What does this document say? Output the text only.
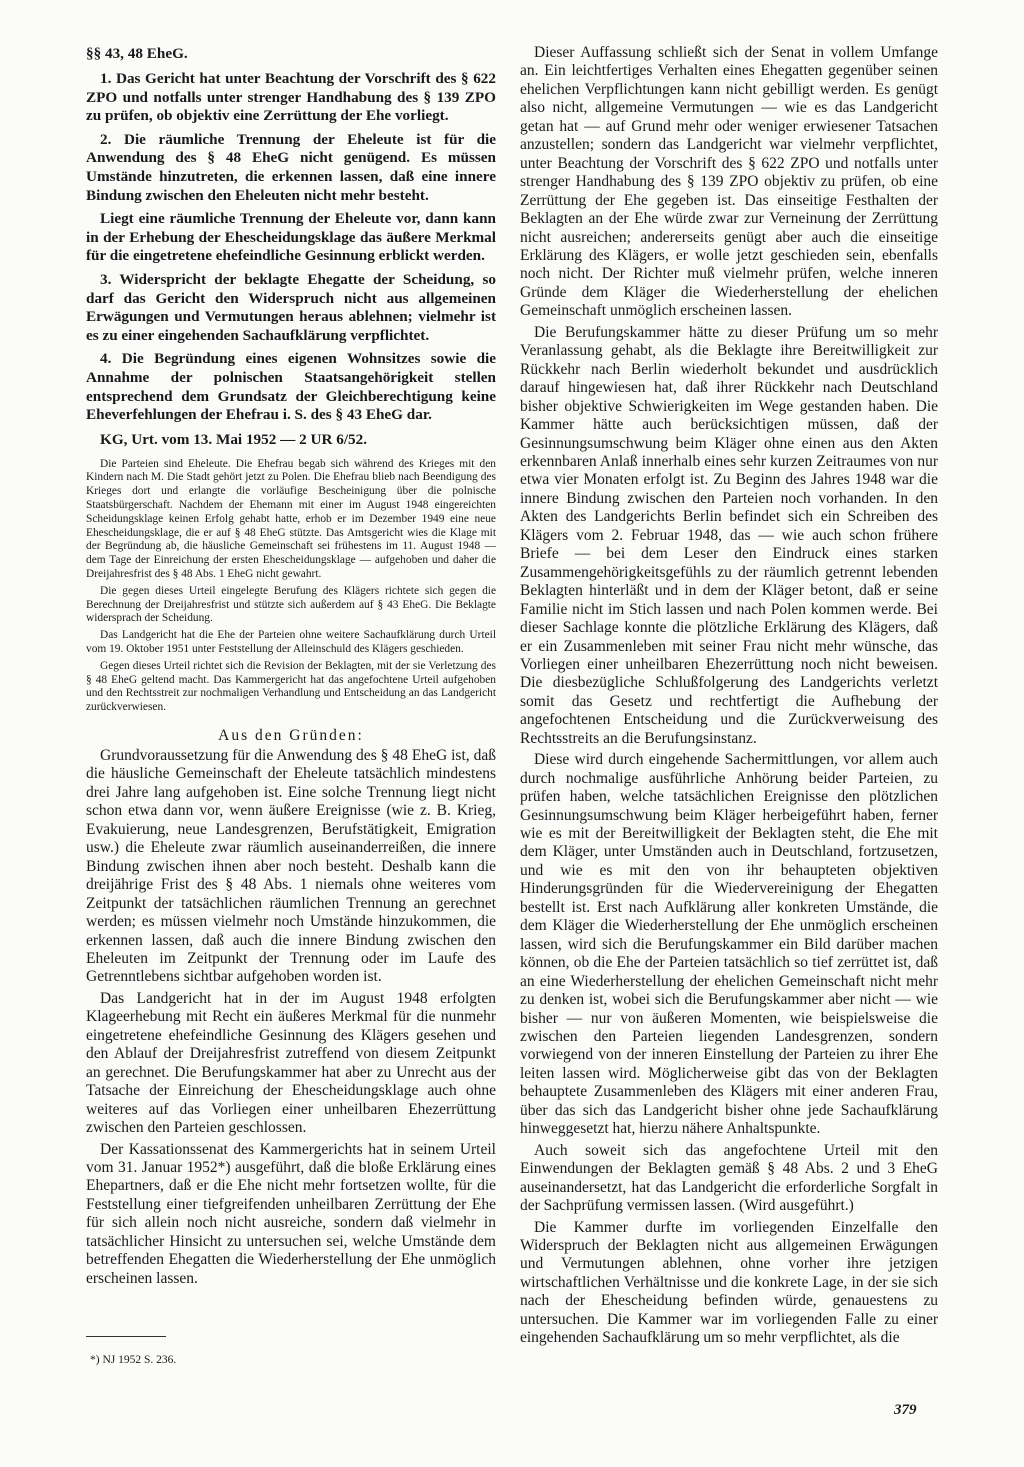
§§ 43, 48 EheG.

1. Das Gericht hat unter Beachtung der Vorschrift des § 622 ZPO und notfalls unter strenger Handhabung des § 139 ZPO zu prüfen, ob objektiv eine Zerrüttung der Ehe vorliegt.

2. Die räumliche Trennung der Eheleute ist für die Anwendung des § 48 EheG nicht genügend. Es müssen Umstände hinzutreten, die erkennen lassen, daß eine innere Bindung zwischen den Eheleuten nicht mehr besteht.

Liegt eine räumliche Trennung der Eheleute vor, dann kann in der Erhebung der Ehescheidungsklage das äußere Merkmal für die eingetretene ehefeindliche Gesinnung erblickt werden.

3. Widerspricht der beklagte Ehegatte der Scheidung, so darf das Gericht den Widerspruch nicht aus allgemeinen Erwägungen und Vermutungen heraus ablehnen; vielmehr ist es zu einer eingehenden Sachaufklärung verpflichtet.

4. Die Begründung eines eigenen Wohnsitzes sowie die Annahme der polnischen Staatsangehörigkeit stellen entsprechend dem Grundsatz der Gleichberechtigung keine Eheverfehlungen der Ehefrau i. S. des § 43 EheG dar.

KG, Urt. vom 13. Mai 1952 — 2 UR 6/52.

Die Parteien sind Eheleute. Die Ehefrau begab sich während des Krieges mit den Kindern nach M. Die Stadt gehört jetzt zu Polen. Die Ehefrau blieb nach Beendigung des Krieges dort und erlangte die vorläufige Bescheinigung über die polnische Staatsbürgerschaft. Nachdem der Ehemann mit einer im August 1948 eingereichten Scheidungsklage keinen Erfolg gehabt hatte, erhob er im Dezember 1949 eine neue Ehescheidungsklage, die er auf § 48 EheG stützte. Das Amtsgericht wies die Klage mit der Begründung ab, die häusliche Gemeinschaft sei frühestens im 11. August 1948 — dem Tage der Einreichung der ersten Ehescheidungsklage — aufgehoben und daher die Dreijahresfrist des § 48 Abs. 1 EheG nicht gewahrt.

Die gegen dieses Urteil eingelegte Berufung des Klägers richtete sich gegen die Berechnung der Dreijahresfrist und stützte sich außerdem auf § 43 EheG. Die Beklagte widersprach der Scheidung.

Das Landgericht hat die Ehe der Parteien ohne weitere Sachaufklärung durch Urteil vom 19. Oktober 1951 unter Feststellung der Alleinschuld des Klägers geschieden.

Gegen dieses Urteil richtet sich die Revision der Beklagten, mit der sie Verletzung des § 48 EheG geltend macht. Das Kammergericht hat das angefochtene Urteil aufgehoben und den Rechtsstreit zur nochmaligen Verhandlung und Entscheidung an das Landgericht zurückverwiesen.

Aus den Gründen:

Grundvoraussetzung für die Anwendung des § 48 EheG ist, daß die häusliche Gemeinschaft der Eheleute tatsächlich mindestens drei Jahre lang aufgehoben ist. Eine solche Trennung liegt nicht schon etwa dann vor, wenn äußere Ereignisse (wie z. B. Krieg, Evakuierung, neue Landesgrenzen, Berufstätigkeit, Emigration usw.) die Eheleute zwar räumlich auseinanderreißen, die innere Bindung zwischen ihnen aber noch besteht. Deshalb kann die dreijährige Frist des § 48 Abs. 1 niemals ohne weiteres vom Zeitpunkt der tatsächlichen räumlichen Trennung an gerechnet werden; es müssen vielmehr noch Umstände hinzukommen, die erkennen lassen, daß auch die innere Bindung zwischen den Eheleuten im Zeitpunkt der Trennung oder im Laufe des Getrenntlebens sichtbar aufgehoben worden ist.

Das Landgericht hat in der im August 1948 erfolgten Klageerhebung mit Recht ein äußeres Merkmal für die nunmehr eingetretene ehefeindliche Gesinnung des Klägers gesehen und den Ablauf der Dreijahresfrist zutreffend von diesem Zeitpunkt an gerechnet. Die Berufungskammer hat aber zu Unrecht aus der Tatsache der Einreichung der Ehescheidungsklage auch ohne weiteres auf das Vorliegen einer unheilbaren Ehezerrüttung zwischen den Parteien geschlossen.

Der Kassationssenat des Kammergerichts hat in seinem Urteil vom 31. Januar 1952*) ausgeführt, daß die bloße Erklärung eines Ehepartners, daß er die Ehe nicht mehr fortsetzen wollte, für die Feststellung einer tiefgreifenden unheilbaren Zerrüttung der Ehe für sich allein noch nicht ausreiche, sondern daß vielmehr in tatsächlicher Hinsicht zu untersuchen sei, welche Umstände dem betreffenden Ehegatten die Wiederherstellung der Ehe unmöglich erscheinen lassen.

Dieser Auffassung schließt sich der Senat in vollem Umfange an. Ein leichtfertiges Verhalten eines Ehegatten gegenüber seinen ehelichen Verpflichtungen kann nicht gebilligt werden. Es genügt also nicht, allgemeine Vermutungen — wie es das Landgericht getan hat — auf Grund mehr oder weniger erwiesener Tatsachen anzustellen; sondern das Landgericht war vielmehr verpflichtet, unter Beachtung der Vorschrift des § 622 ZPO und notfalls unter strenger Handhabung des § 139 ZPO objektiv zu prüfen, ob eine Zerrüttung der Ehe gegeben ist. Das einseitige Festhalten der Beklagten an der Ehe würde zwar zur Verneinung der Zerrüttung nicht ausreichen; andererseits genügt aber auch die einseitige Erklärung des Klägers, er wolle jetzt geschieden sein, ebenfalls noch nicht. Der Richter muß vielmehr prüfen, welche inneren Gründe dem Kläger die Wiederherstellung der ehelichen Gemeinschaft unmöglich erscheinen lassen.

Die Berufungskammer hätte zu dieser Prüfung um so mehr Veranlassung gehabt, als die Beklagte ihre Bereitwilligkeit zur Rückkehr nach Berlin wiederholt bekundet und ausdrücklich darauf hingewiesen hat, daß ihrer Rückkehr nach Deutschland bisher objektive Schwierigkeiten im Wege gestanden haben. Die Kammer hätte auch berücksichtigen müssen, daß der Gesinnungsumschwung beim Kläger ohne einen aus den Akten erkennbaren Anlaß innerhalb eines sehr kurzen Zeitraumes von nur etwa vier Monaten erfolgt ist. Zu Beginn des Jahres 1948 war die innere Bindung zwischen den Parteien noch vorhanden. In den Akten des Landgerichts Berlin befindet sich ein Schreiben des Klägers vom 2. Februar 1948, das — wie auch schon frühere Briefe — bei dem Leser den Eindruck eines starken Zusammengehörigkeitsgefühls zu der räumlich getrennt lebenden Beklagten hinterläßt und in dem der Kläger betont, daß er seine Familie nicht im Stich lassen und nach Polen kommen werde. Bei dieser Sachlage konnte die plötzliche Erklärung des Klägers, daß er ein Zusammenleben mit seiner Frau nicht mehr wünsche, das Vorliegen einer unheilbaren Ehezerrüttung noch nicht beweisen. Die diesbezügliche Schlußfolgerung des Landgerichts verletzt somit das Gesetz und rechtfertigt die Aufhebung der angefochtenen Entscheidung und die Zurückverweisung des Rechtsstreits an die Berufungsinstanz.

Diese wird durch eingehende Sachermittlungen, vor allem auch durch nochmalige ausführliche Anhörung beider Parteien, zu prüfen haben, welche tatsächlichen Ereignisse den plötzlichen Gesinnungsumschwung beim Kläger herbeigeführt haben, ferner wie es mit der Bereitwilligkeit der Beklagten steht, die Ehe mit dem Kläger, unter Umständen auch in Deutschland, fortzusetzen, und wie es mit den von ihr behaupteten objektiven Hinderungsgründen für die Wiedervereinigung der Ehegatten bestellt ist. Erst nach Aufklärung aller konkreten Umstände, die dem Kläger die Wiederherstellung der Ehe unmöglich erscheinen lassen, wird sich die Berufungskammer ein Bild darüber machen können, ob die Ehe der Parteien tatsächlich so tief zerrüttet ist, daß an eine Wiederherstellung der ehelichen Gemeinschaft nicht mehr zu denken ist, wobei sich die Berufungskammer aber nicht — wie bisher — nur von äußeren Momenten, wie beispielsweise die zwischen den Parteien liegenden Landesgrenzen, sondern vorwiegend von der inneren Einstellung der Parteien zu ihrer Ehe leiten lassen wird. Möglicherweise gibt das von der Beklagten behauptete Zusammenleben des Klägers mit einer anderen Frau, über das sich das Landgericht bisher ohne jede Sachaufklärung hinweggesetzt hat, hierzu nähere Anhaltspunkte.

Auch soweit sich das angefochtene Urteil mit den Einwendungen der Beklagten gemäß § 48 Abs. 2 und 3 EheG auseinandersetzt, hat das Landgericht die erforderliche Sorgfalt in der Sachprüfung vermissen lassen. (Wird ausgeführt.)

Die Kammer durfte im vorliegenden Einzelfalle den Widerspruch der Beklagten nicht aus allgemeinen Erwägungen und Vermutungen ablehnen, ohne vorher ihre jetzigen wirtschaftlichen Verhältnisse und die konkrete Lage, in der sie sich nach der Ehescheidung befinden würde, genauestens zu untersuchen. Die Kammer war im vorliegenden Falle zu einer eingehenden Sachaufklärung um so mehr verpflichtet, als die

*) NJ 1952 S. 236.

379
